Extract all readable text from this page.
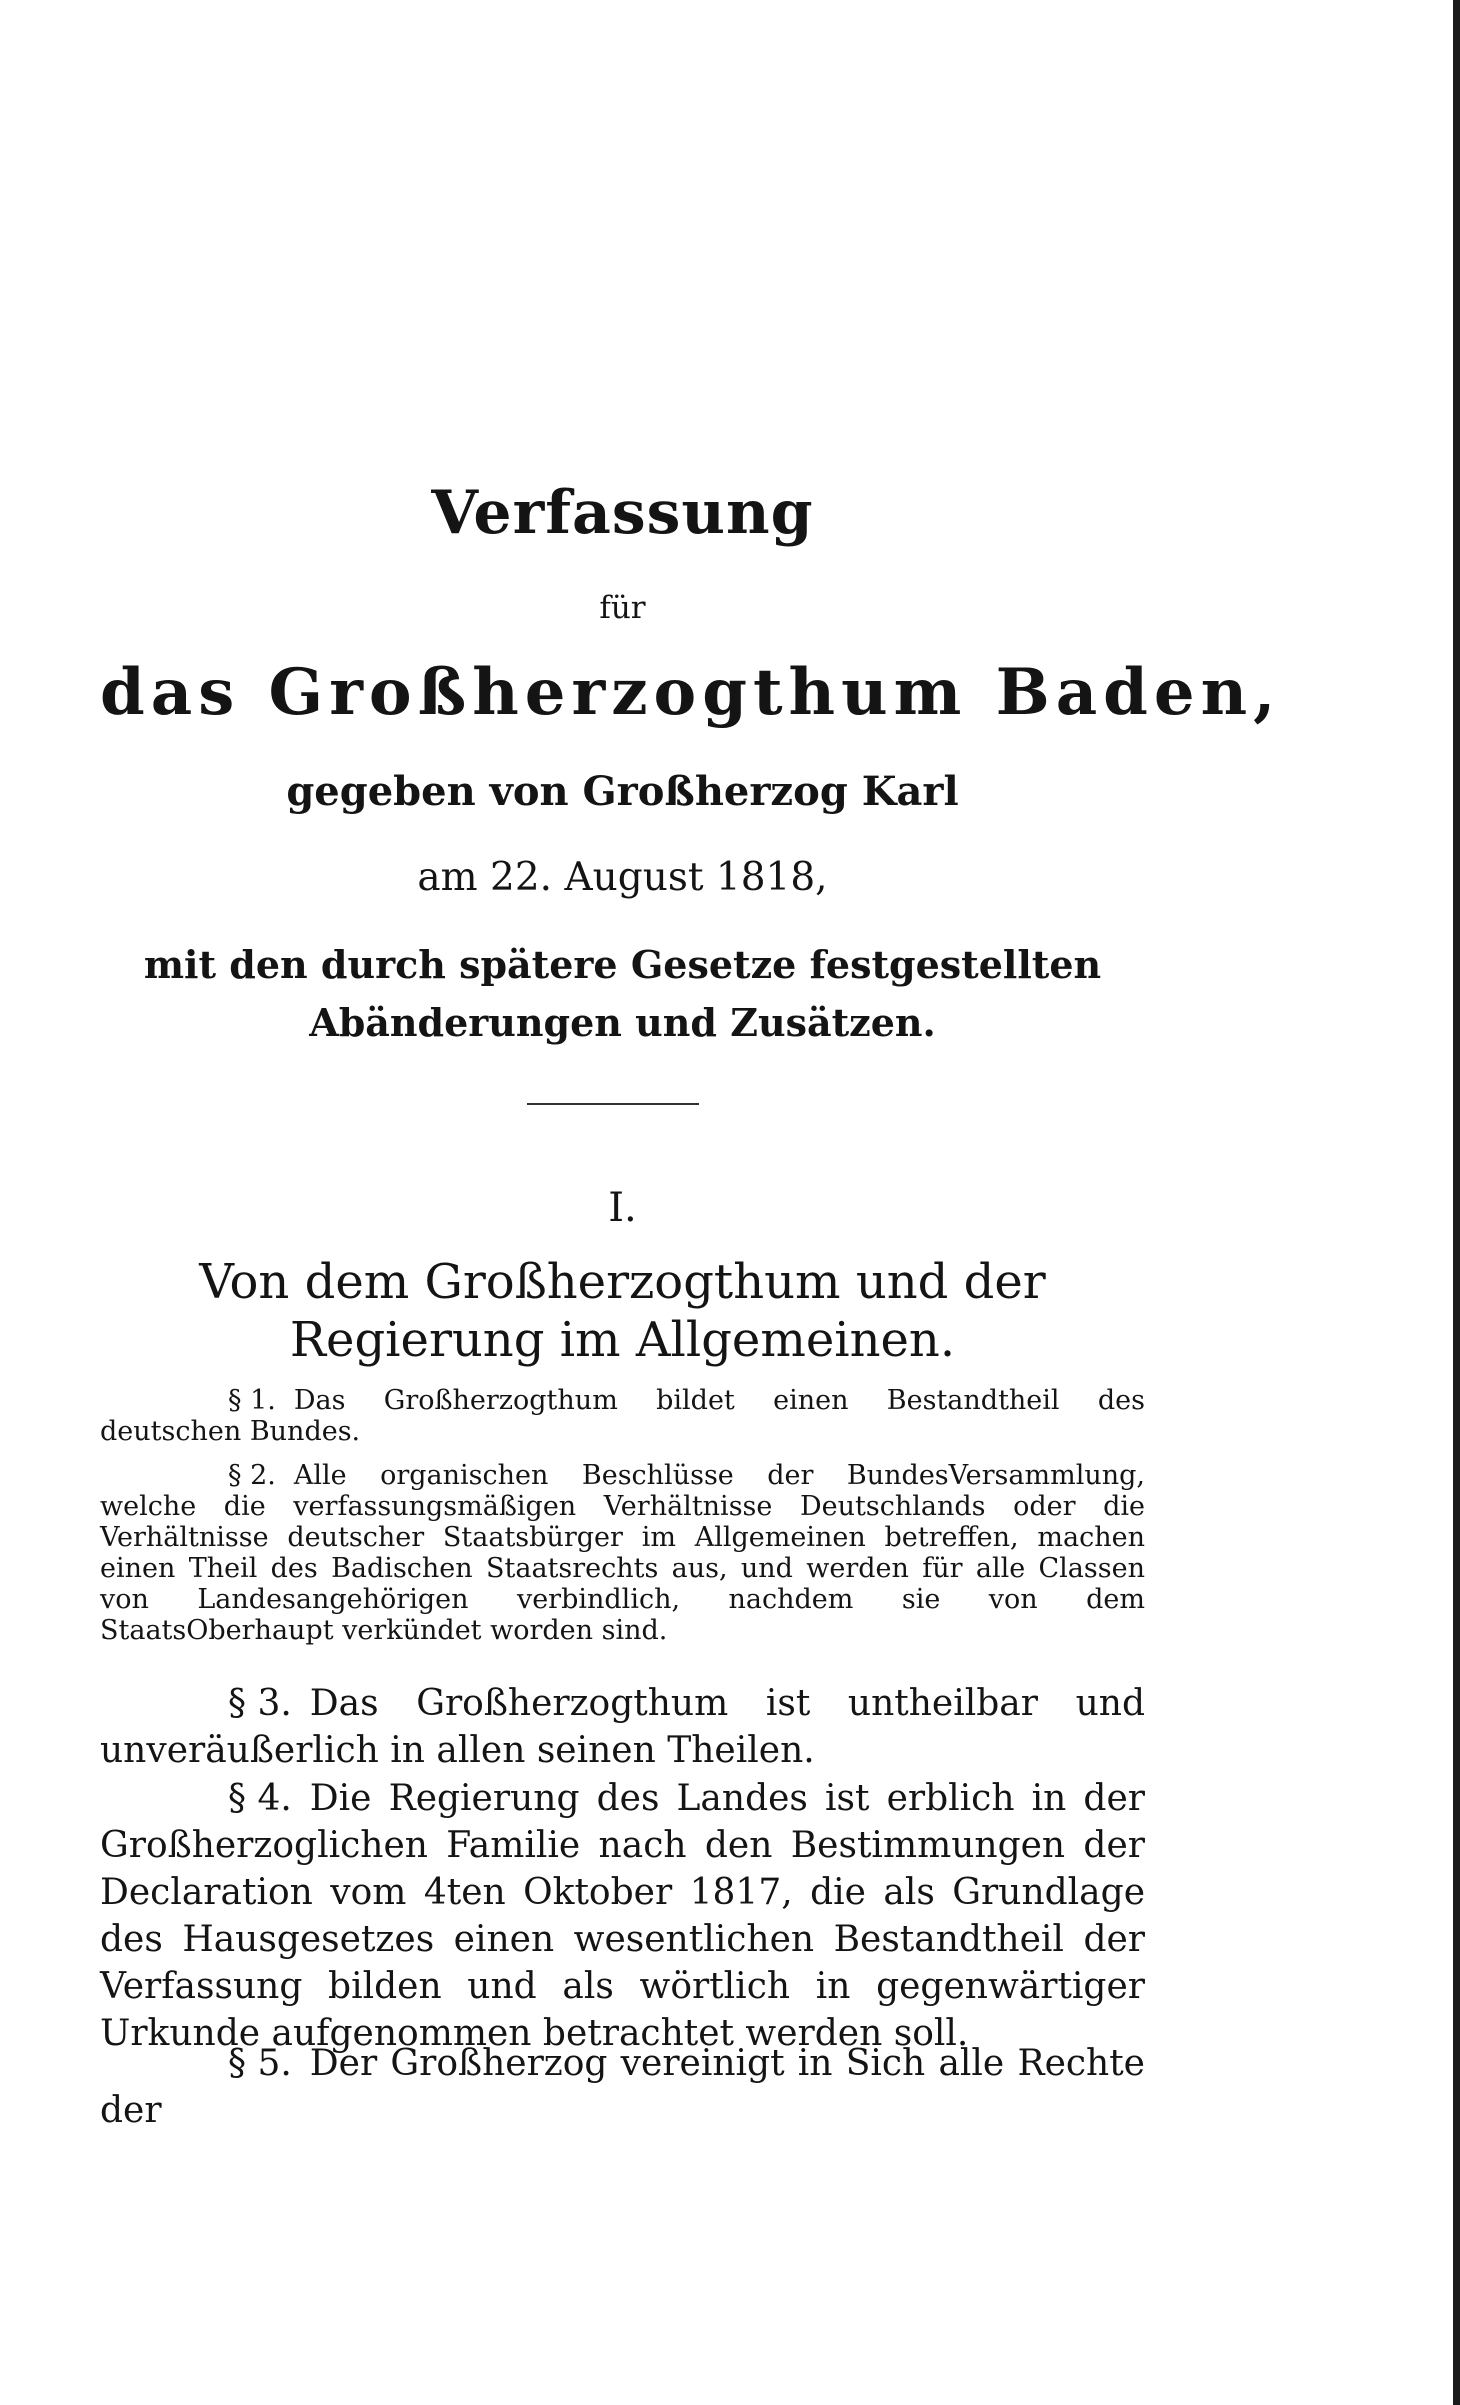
Verfassung
für
das Großherzogthum Baden,
gegeben von Großherzog Karl
am 22. August 1818,
mit den durch spätere Gesetze festgestellten Abänderungen und Zusätzen.
I.
Von dem Großherzogthum und der Regierung im Allgemeinen.

§ 1. Das Großherzogthum bildet einen Bestandtheil des deutschen Bundes.

§ 2. Alle organischen Beschlüsse der BundesVersammlung, welche die verfassungsmäßigen Verhältnisse Deutschlands oder die Verhältnisse deutscher Staatsbürger im Allgemeinen betreffen, machen einen Theil des Badischen Staatsrechts aus, und werden für alle Classen von Landesangehörigen verbindlich, nachdem sie von dem StaatsOberhaupt verkündet worden sind.

§ 3. Das Großherzogthum ist untheilbar und unveräußerlich in allen seinen Theilen.

§ 4. Die Regierung des Landes ist erblich in der Großherzoglichen Familie nach den Bestimmungen der Declaration vom 4ten Oktober 1817, die als Grundlage des Hausgesetzes einen wesentlichen Bestandtheil der Verfassung bilden und als wörtlich in gegenwärtiger Urkunde aufgenommen betrachtet werden soll.

§ 5. Der Großherzog vereinigt in Sich alle Rechte der
